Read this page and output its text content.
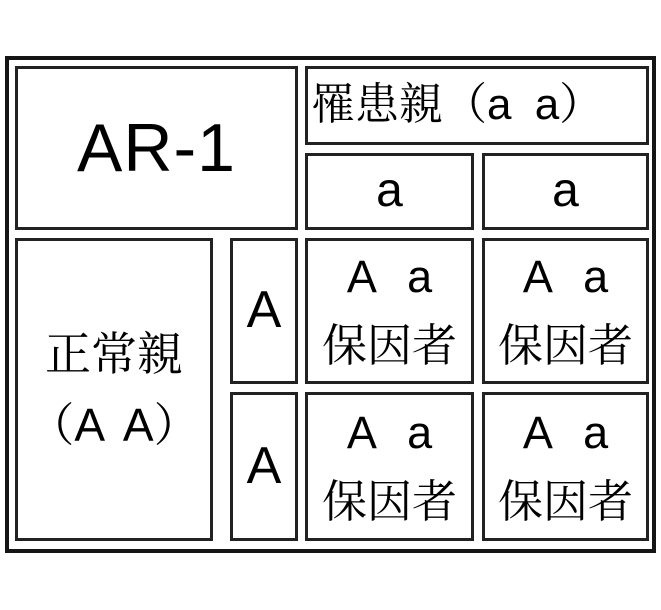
AR-1
罹患親（a a）
a	a
正常親
（A A）
A
A
A a
保因者
A a
保因者
A a
保因者
A a
保因者
